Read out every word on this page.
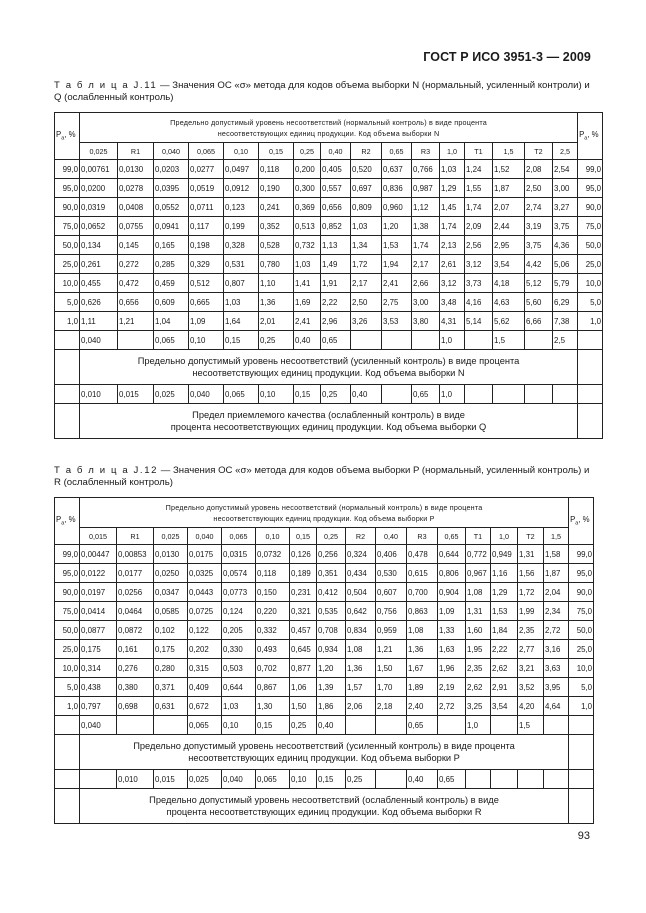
ГОСТ Р ИСО 3951-3 — 2009
Т а б л и ц а J.11 — Значения OC «σ» метода для кодов объема выборки N (нормальный, усиленный контроли) и Q (ослабленный контроль)
$P_a$, %	Предельно допустимый уровень несоответствий (нормальный контроль) в виде процента
несоответствующих единиц продукции. Код объема выборки N																$P_a$, %
	0,025	R1	0,040	0,065	0,10	0,15	0,25	0,40	R2	0,65	R3	1,0	T1	1,5	T2	2,5	
99,0	0,00761	0,0130	0,0203	0,0277	0,0497	0,118	0,200	0,405	0,520	0,637	0,766	1,03	1,24	1,52	2,08	2,54	99,0
95,0	0,0200	0,0278	0,0395	0,0519	0,0912	0,190	0,300	0,557	0,697	0,836	0,987	1,29	1,55	1,87	2,50	3,00	95,0
90,0	0,0319	0,0408	0,0552	0,0711	0,123	0,241	0,369	0,656	0,809	0,960	1,12	1,45	1,74	2,07	2,74	3,27	90,0
75,0	0,0652	0,0755	0,0941	0,117	0,199	0,352	0,513	0,852	1,03	1,20	1,38	1,74	2,09	2,44	3,19	3,75	75,0
50,0	0,134	0,145	0,165	0,198	0,328	0,528	0,732	1,13	1,34	1,53	1,74	2,13	2,56	2,95	3,75	4,36	50,0
25,0	0,261	0,272	0,285	0,329	0,531	0,780	1,03	1,49	1,72	1,94	2,17	2,61	3,12	3,54	4,42	5,06	25,0
10,0	0,455	0,472	0,459	0,512	0,807	1,10	1,41	1,91	2,17	2,41	2,66	3,12	3,73	4,18	5,12	5,79	10,0
5,0	0,626	0,656	0,609	0,665	1,03	1,36	1,69	2,22	2,50	2,75	3,00	3,48	4,16	4,63	5,60	6,29	5,0
1,0	1,11	1,21	1,04	1,09	1,64	2,01	2,41	2,96	3,26	3,53	3,80	4,31	5,14	5,62	6,66	7,38	1,0
	0,040		0,065	0,10	0,15	0,25	0,40	0,65				1,0		1,5		2,5	

	Предельно допустимый уровень несоответствий (усиленный контроль) в виде процента
несоответствующих единиц продукции. Код объема выборки N																

	0,010	0,015	0,025	0,040	0,065	0,10	0,15	0,25	0,40		0,65	1,0					

	Предел приемлемого качества (ослабленный контроль) в виде
процента несоответствующих единиц продукции. Код объема выборки Q																

Т а б л и ц а J.12 — Значения OC «σ» метода для кодов объема выборки P (нормальный, усиленный контроль) и R (ослабленный контроль)
$P_a$, %	Предельно допустимый уровень несоответствий (нормальный контроль) в виде процента
несоответствующих единиц продукции. Код объема выборки P																$P_a$, %
	0,015	R1	0,025	0,040	0,065	0,10	0,15	0,25	R2	0,40	R3	0,65	T1	1,0	T2	1,5	
99,0	0,00447	0,00853	0,0130	0,0175	0,0315	0,0732	0,126	0,256	0,324	0,406	0,478	0,644	0,772	0,949	1,31	1,58	99,0
95,0	0,0122	0,0177	0,0250	0,0325	0,0574	0,118	0,189	0,351	0,434	0,530	0,615	0,806	0,967	1,16	1,56	1,87	95,0
90,0	0,0197	0,0256	0,0347	0,0443	0,0773	0,150	0,231	0,412	0,504	0,607	0,700	0,904	1,08	1,29	1,72	2,04	90,0
75,0	0,0414	0,0464	0,0585	0,0725	0,124	0,220	0,321	0,535	0,642	0,756	0,863	1,09	1,31	1,53	1,99	2,34	75,0
50,0	0,0877	0,0872	0,102	0,122	0,205	0,332	0,457	0,708	0,834	0,959	1,08	1,33	1,60	1,84	2,35	2,72	50,0
25,0	0,175	0,161	0,175	0,202	0,330	0,493	0,645	0,934	1,08	1,21	1,36	1,63	1,95	2,22	2,77	3,16	25,0
10,0	0,314	0,276	0,280	0,315	0,503	0,702	0,877	1,20	1,36	1,50	1,67	1,96	2,35	2,62	3,21	3,63	10,0
5,0	0,438	0,380	0,371	0,409	0,644	0,867	1,06	1,39	1,57	1,70	1,89	2,19	2,62	2,91	3,52	3,95	5,0
1,0	0,797	0,698	0,631	0,672	1,03	1,30	1,50	1,86	2,06	2,18	2,40	2,72	3,25	3,54	4,20	4,64	1,0
	0,040			0,065	0,10	0,15	0,25	0,40			0,65		1,0		1,5		

	Предельно допустимый уровень несоответствий (усиленный контроль) в виде процента
несоответствующих единиц продукции. Код объема выборки P																

		0,010	0,015	0,025	0,040	0,065	0,10	0,15	0,25		0,40	0,65					

	Предельно допустимый уровень несоответствий (ослабленный контроль) в виде
процента несоответствующих единиц продукции. Код объема выборки R																

93
